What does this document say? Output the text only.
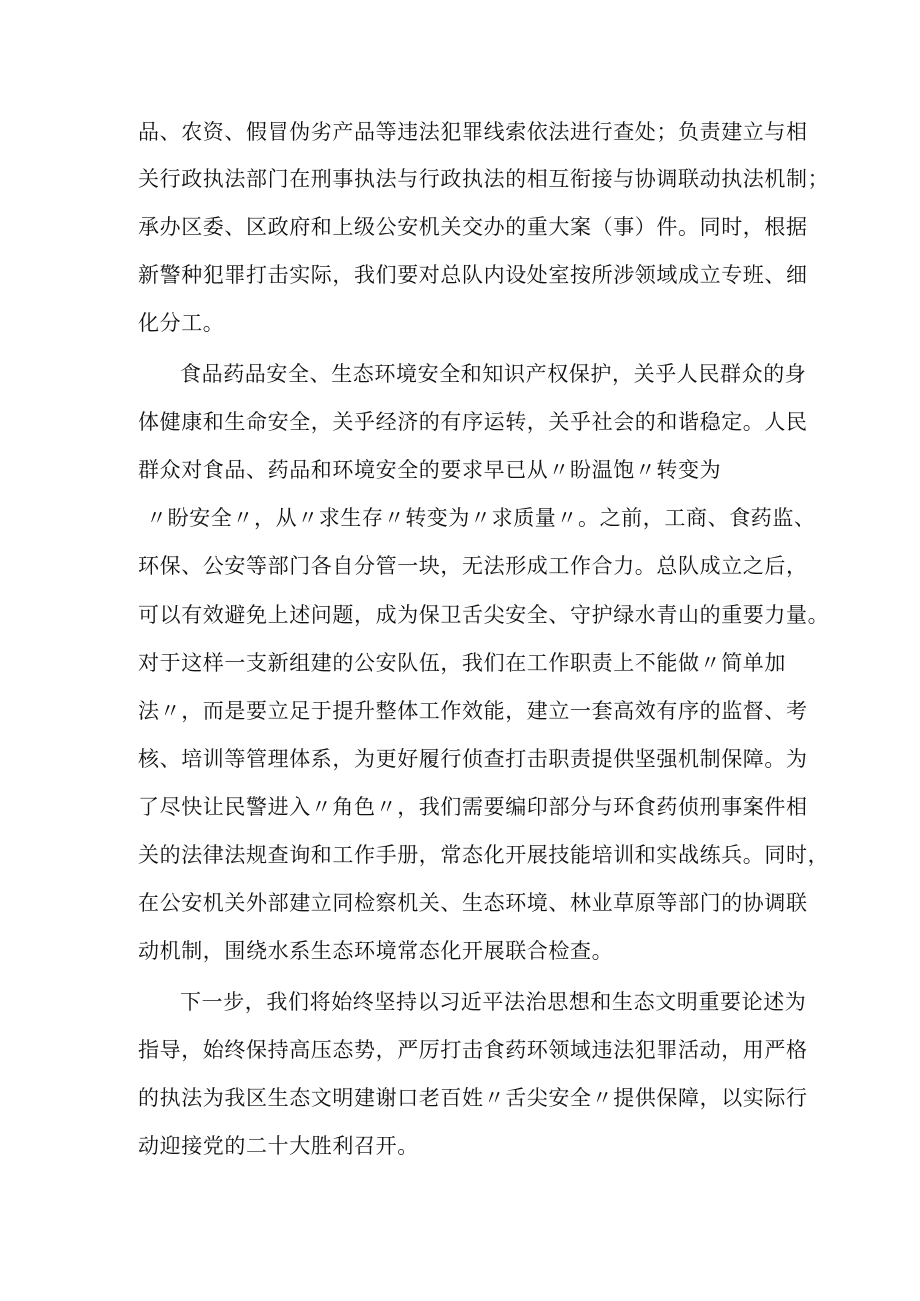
品、农资、假冒伪劣产品等违法犯罪线索依法进行查处；负责建立与相
关行政执法部门在刑事执法与行政执法的相互衔接与协调联动执法机制；
承办区委、区政府和上级公安机关交办的重大案（事）件。同时，根据
新警种犯罪打击实际，我们要对总队内设处室按所涉领域成立专班、细
化分工。
食品药品安全、生态环境安全和知识产权保护，关乎人民群众的身
体健康和生命安全，关乎经济的有序运转，关乎社会的和谐稳定。人民
群众对食品、药品和环境安全的要求早已从〃盼温饱〃转变为
〃盼安全〃，从〃求生存〃转变为〃求质量〃。之前，工商、食药监、
环保、公安等部门各自分管一块，无法形成工作合力。总队成立之后，
可以有效避免上述问题，成为保卫舌尖安全、守护绿水青山的重要力量。
对于这样一支新组建的公安队伍，我们在工作职责上不能做〃简单加
法〃，而是要立足于提升整体工作效能，建立一套高效有序的监督、考
核、培训等管理体系，为更好履行侦查打击职责提供坚强机制保障。为
了尽快让民警进入〃角色〃，我们需要编印部分与环食药侦刑事案件相
关的法律法规查询和工作手册，常态化开展技能培训和实战练兵。同时，
在公安机关外部建立同检察机关、生态环境、林业草原等部门的协调联
动机制，围绕水系生态环境常态化开展联合检查。
下一步，我们将始终坚持以习近平法治思想和生态文明重要论述为
指导，始终保持高压态势，严厉打击食药环领域违法犯罪活动，用严格
的执法为我区生态文明建谢口老百姓〃舌尖安全〃提供保障，以实际行
动迎接党的二十大胜利召开。
